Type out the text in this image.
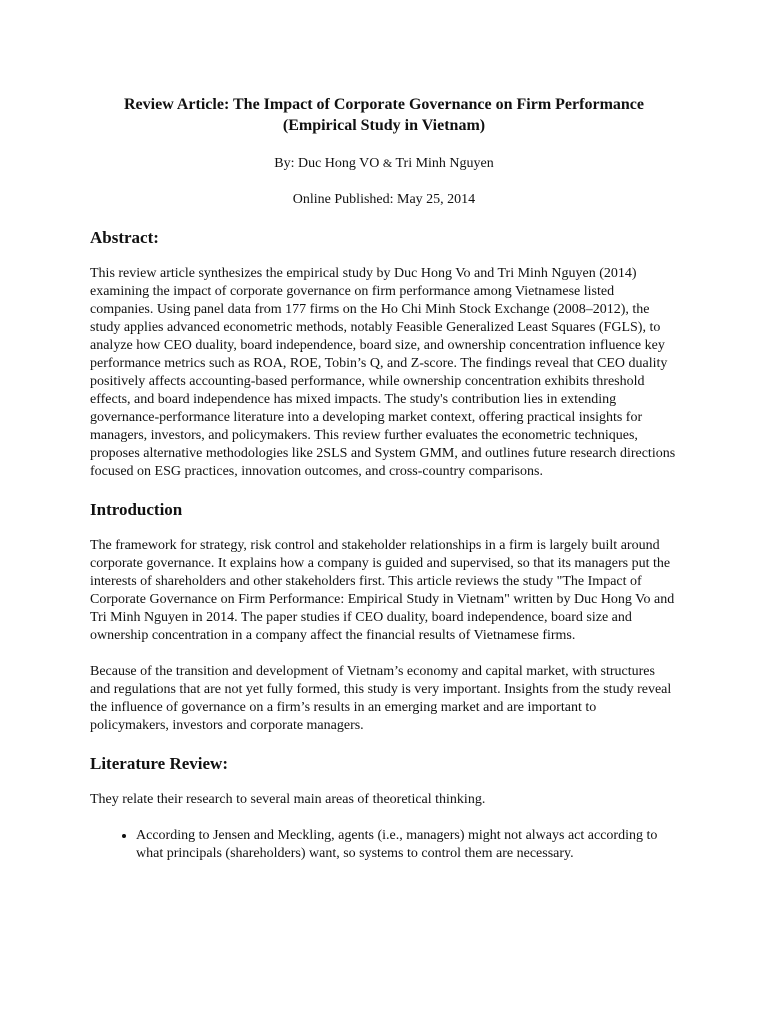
Review Article: The Impact of Corporate Governance on Firm Performance
(Empirical Study in Vietnam)

By: Duc Hong VO & Tri Minh Nguyen

Online Published: May 25, 2014

Abstract:

This review article synthesizes the empirical study by Duc Hong Vo and Tri Minh Nguyen (2014) examining the impact of corporate governance on firm performance among Vietnamese listed companies. Using panel data from 177 firms on the Ho Chi Minh Stock Exchange (2008–2012), the study applies advanced econometric methods, notably Feasible Generalized Least Squares (FGLS), to analyze how CEO duality, board independence, board size, and ownership concentration influence key performance metrics such as ROA, ROE, Tobin’s Q, and Z-score. The findings reveal that CEO duality positively affects accounting-based performance, while ownership concentration exhibits threshold effects, and board independence has mixed impacts. The study's contribution lies in extending governance-performance literature into a developing market context, offering practical insights for managers, investors, and policymakers. This review further evaluates the econometric techniques, proposes alternative methodologies like 2SLS and System GMM, and outlines future research directions focused on ESG practices, innovation outcomes, and cross-country comparisons.

Introduction

The framework for strategy, risk control and stakeholder relationships in a firm is largely built around corporate governance. It explains how a company is guided and supervised, so that its managers put the interests of shareholders and other stakeholders first. This article reviews the study "The Impact of Corporate Governance on Firm Performance: Empirical Study in Vietnam" written by Duc Hong Vo and Tri Minh Nguyen in 2014. The paper studies if CEO duality, board independence, board size and ownership concentration in a company affect the financial results of Vietnamese firms.

Because of the transition and development of Vietnam’s economy and capital market, with structures and regulations that are not yet fully formed, this study is very important. Insights from the study reveal the influence of governance on a firm’s results in an emerging market and are important to policymakers, investors and corporate managers.

Literature Review:

They relate their research to several main areas of theoretical thinking.

• According to Jensen and Meckling, agents (i.e., managers) might not always act according to what principals (shareholders) want, so systems to control them are necessary.
